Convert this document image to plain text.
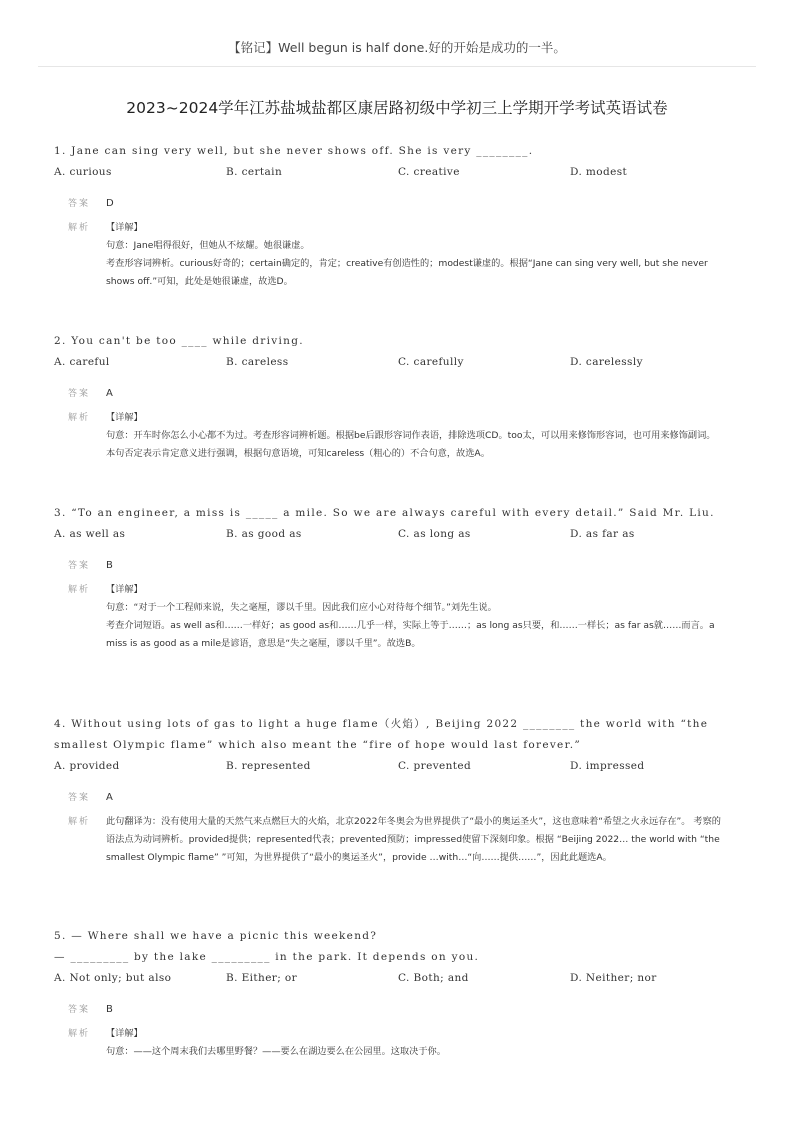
【铭记】Well begun is half done.好的开始是成功的一半。
2023~2024学年江苏盐城盐都区康居路初级中学初三上学期开学考试英语试卷
1. Jane can sing very well, but she never shows off. She is very ________.
A. curious	B. certain	C. creative	D. modest
答案	D
解析	【详解】
句意：Jane唱得很好，但她从不炫耀。她很谦虚。
考查形容词辨析。curious好奇的；certain确定的，肯定；creative有创造性的；modest谦虚的。根据“Jane can sing very well, but she never shows off.”可知，此处是她很谦虚，故选D。
2. You can't be too ____ while driving.
A. careful	B. careless	C. carefully	D. carelessly
答案	A
解析	【详解】
句意：开车时你怎么小心都不为过。考查形容词辨析题。根据be后跟形容词作表语，排除选项CD。too太，可以用来修饰形容词，也可用来修饰副词。本句否定表示肯定意义进行强调，根据句意语境，可知careless（粗心的）不合句意，故选A。
3. “To an engineer, a miss is _____ a mile. So we are always careful with every detail.” Said Mr. Liu.
A. as well as	B. as good as	C. as long as	D. as far as
答案	B
解析	【详解】
句意：“对于一个工程师来说，失之毫厘，谬以千里。因此我们应小心对待每个细节。”刘先生说。
考查介词短语。as well as和……一样好；as good as和……几乎一样，实际上等于……；as long as只要，和……一样长；as far as就……而言。a miss is as good as a mile是谚语，意思是“失之毫厘，谬以千里”。故选B。
4. Without using lots of gas to light a huge flame（火焰）, Beijing 2022 ________ the world with “the smallest Olympic flame” which also meant the “fire of hope would last forever.”
A. provided	B. represented	C. prevented	D. impressed
答案	A
解析	此句翻译为：没有使用大量的天然气来点燃巨大的火焰，北京2022年冬奥会为世界提供了“最小的奥运圣火”，这也意味着“希望之火永远存在”。 考察的语法点为动词辨析。provided提供；represented代表；prevented预防；impressed使留下深刻印象。根据 “Beijing 2022… the world with “the smallest Olympic flame” ”可知，为世界提供了“最小的奥运圣火”，provide …with…“向……提供……”，因此此题选A。
5. — Where shall we have a picnic this weekend?
— _________ by the lake _________ in the park. It depends on you.
A. Not only; but also	B. Either; or	C. Both; and	D. Neither; nor
答案	B
解析	【详解】
句意：——这个周末我们去哪里野餐？——要么在湖边要么在公园里。这取决于你。
